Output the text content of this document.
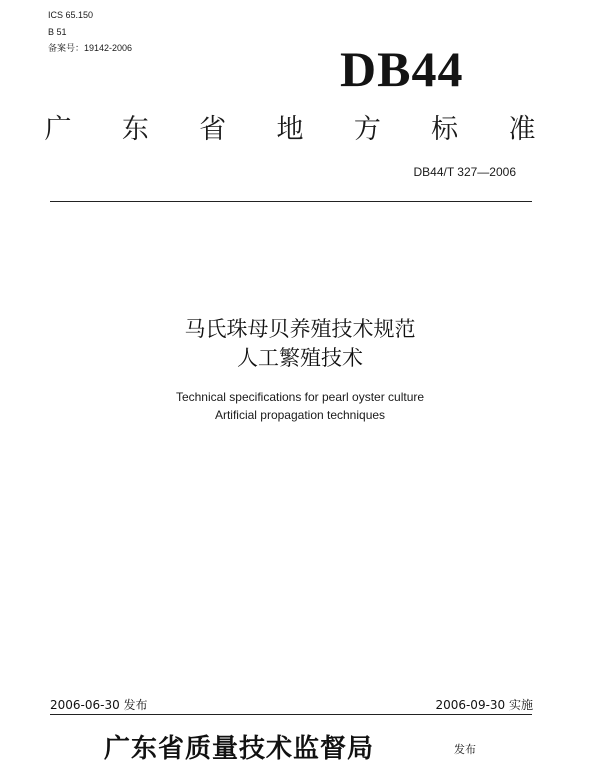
ICS 65.150
B 51
备案号：19142-2006	DB44
广 东 省 地 方 标 准
DB44/T 327—2006
马氏珠母贝养殖技术规范
人工繁殖技术
Technical specifications for pearl oyster culture
Artificial propagation techniques
2006-06-30 发布	2006-09-30 实施
广东省质量技术监督局	发布
